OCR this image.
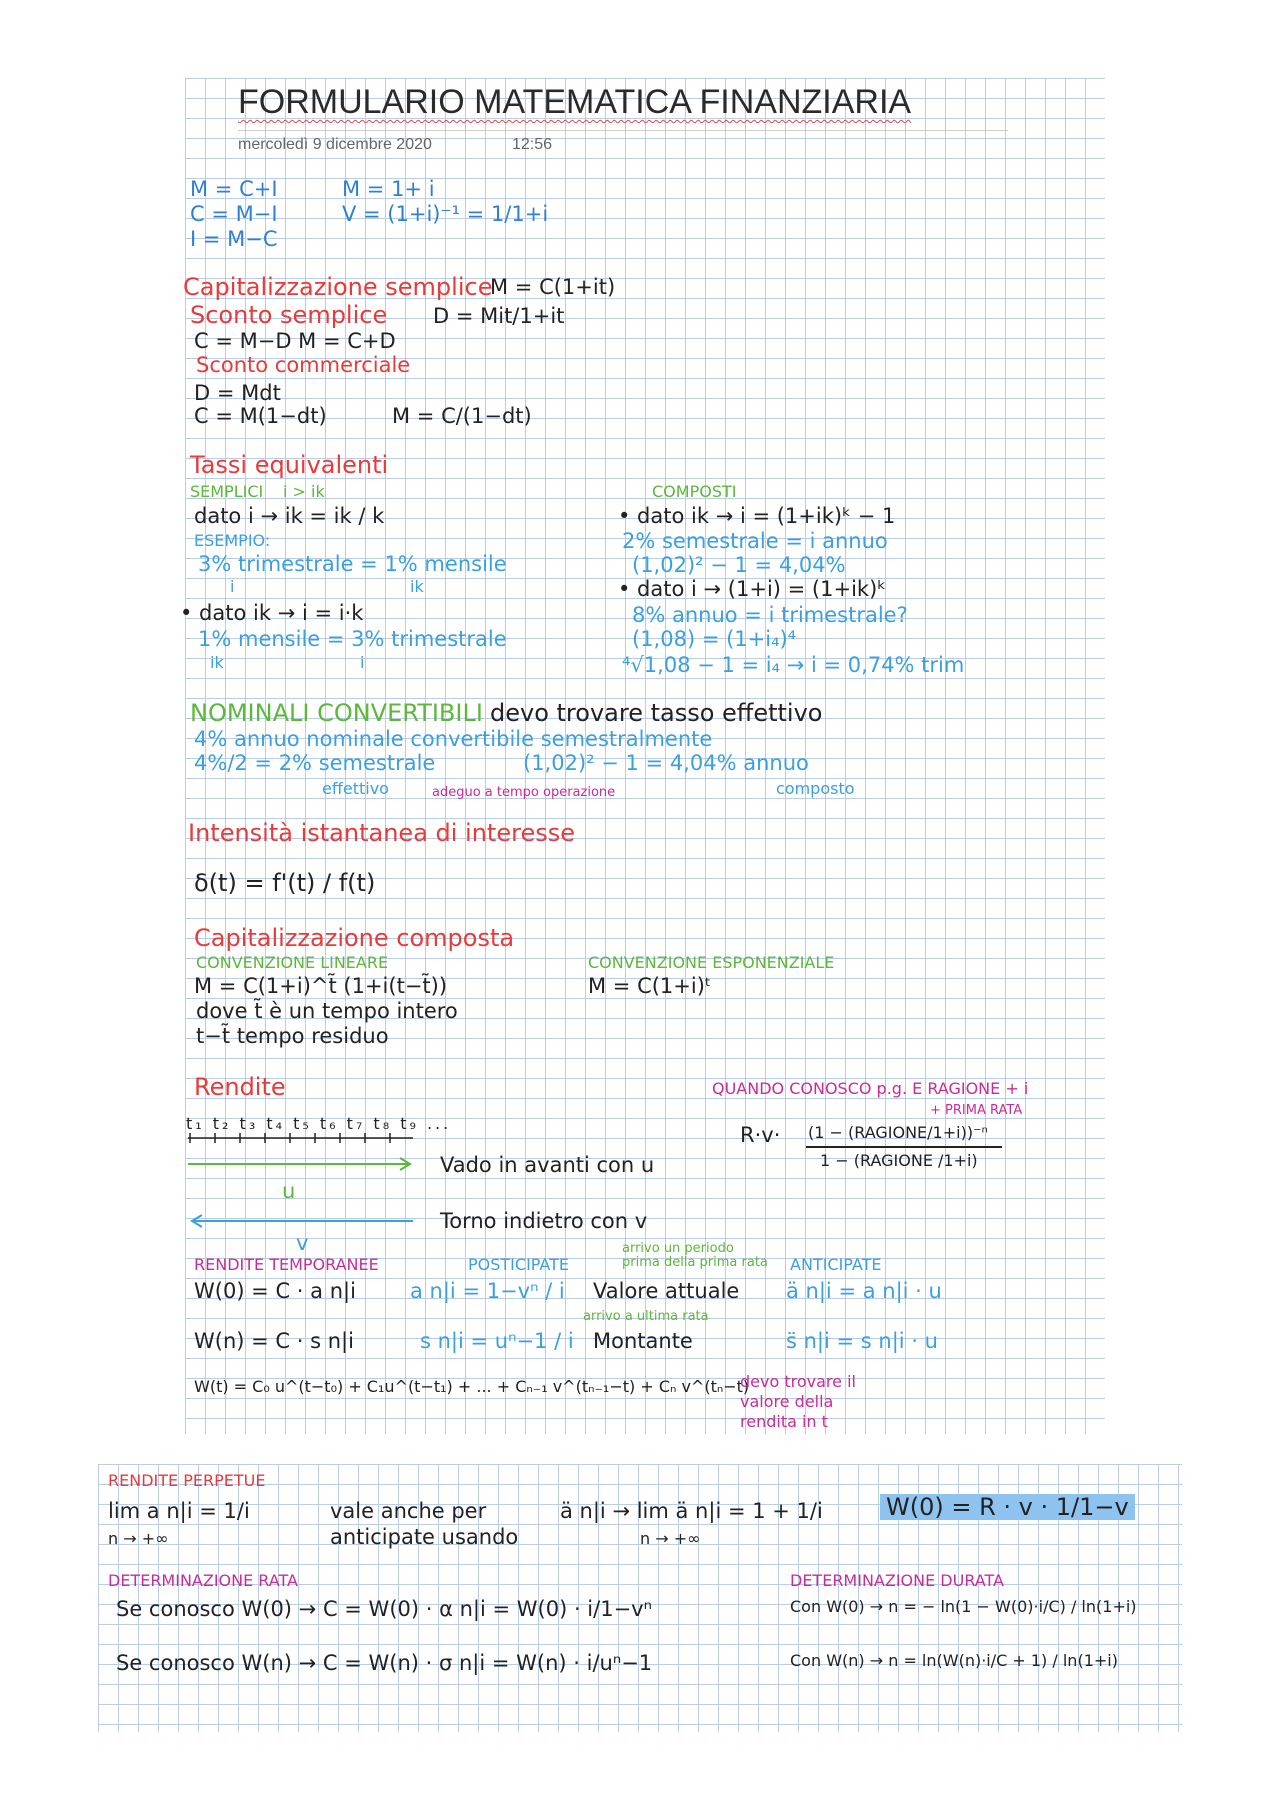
FORMULARIO MATEMATICA FINANZIARIA
mercoledì 9 dicembre 2020	12:56
M = C+I
C = M−I
I = M−C
M = 1+ i
V = (1+i)⁻¹ = 1/1+i
Capitalizzazione semplice
M = C(1+it)
Sconto semplice D = Mit/1+it
C = M−D M = C+D
Sconto commerciale
D = Mdt
C = M(1−dt)	M = C/(1−dt)
Tassi equivalenti
SEMPLICI i > ik
dato i → ik = ik / k
ESEMPIO:
3% trimestrale = 1% mensile
i	ik
• dato ik → i = i·k
1% mensile = 3% trimestrale
ik	i
COMPOSTI
• dato ik → i = (1+ik)ᵏ − 1
2% semestrale = i annuo
(1,02)² − 1 = 4,04%
• dato i → (1+i) = (1+ik)ᵏ
8% annuo = i trimestrale?
(1,08) = (1+i₄)⁴
⁴√1,08 − 1 = i₄ → i = 0,74% trim
NOMINALI CONVERTIBILI devo trovare tasso effettivo
4% annuo nominale convertibile semestralmente
4%/2 = 2% semestrale	(1,02)² − 1 = 4,04% annuo
effettivo	adeguo a tempo operazione	composto
Intensità istantanea di interesse
δ(t) = f'(t) / f(t)
Capitalizzazione composta
CONVENZIONE LINEARE
M = C(1+i)^t̃ (1+i(t−t̃))
dove t̃ è un tempo intero
t−t̃ tempo residuo
CONVENZIONE ESPONENZIALE
M = C(1+i)ᵗ
Rendite
t₁ t₂ t₃ t₄ t₅ t₆ t₇ t₈ t₉ ...
Vado in avanti con u
u
Torno indietro con v
v
QUANDO CONOSCO p.g. E RAGIONE + i
+ PRIMA RATA
R·v· (1 − (RAGIONE/1+i))⁻ⁿ
1 − (RAGIONE /1+i)
RENDITE TEMPORANEE	POSTICIPATE
arrivo un periodo prima della prima rata ANTICIPATE
W(0) = C · a n|i	a n|i = 1−vⁿ / i Valore attuale ä n|i = a n|i · u
arrivo a ultima rata
W(n) = C · s n|i	s n|i = uⁿ−1 / i Montante	s̈ n|i = s n|i · u
W(t) = C₀ u^(t−t₀) + C₁u^(t−t₁) + ... + Cₙ₋₁ v^(tₙ₋₁−t) + Cₙ v^(tₙ−t)
devo trovare il valore della rendita in t
RENDITE PERPETUE
lim a n|i = 1/i
n → +∞
vale anche per
anticipate usando
ä n|i → lim ä n|i = 1 + 1/i
n → +∞
W(0) = R · v · 1/1−v
DETERMINAZIONE RATA
Se conosco W(0) → C = W(0) · α n|i = W(0) · i/1−vⁿ
Se conosco W(n) → C = W(n) · σ n|i = W(n) · i/uⁿ−1
DETERMINAZIONE DURATA
Con W(0) → n = − ln(1 − W(0)·i/C) / ln(1+i)
Con W(n) → n = ln(W(n)·i/C + 1) / ln(1+i)
